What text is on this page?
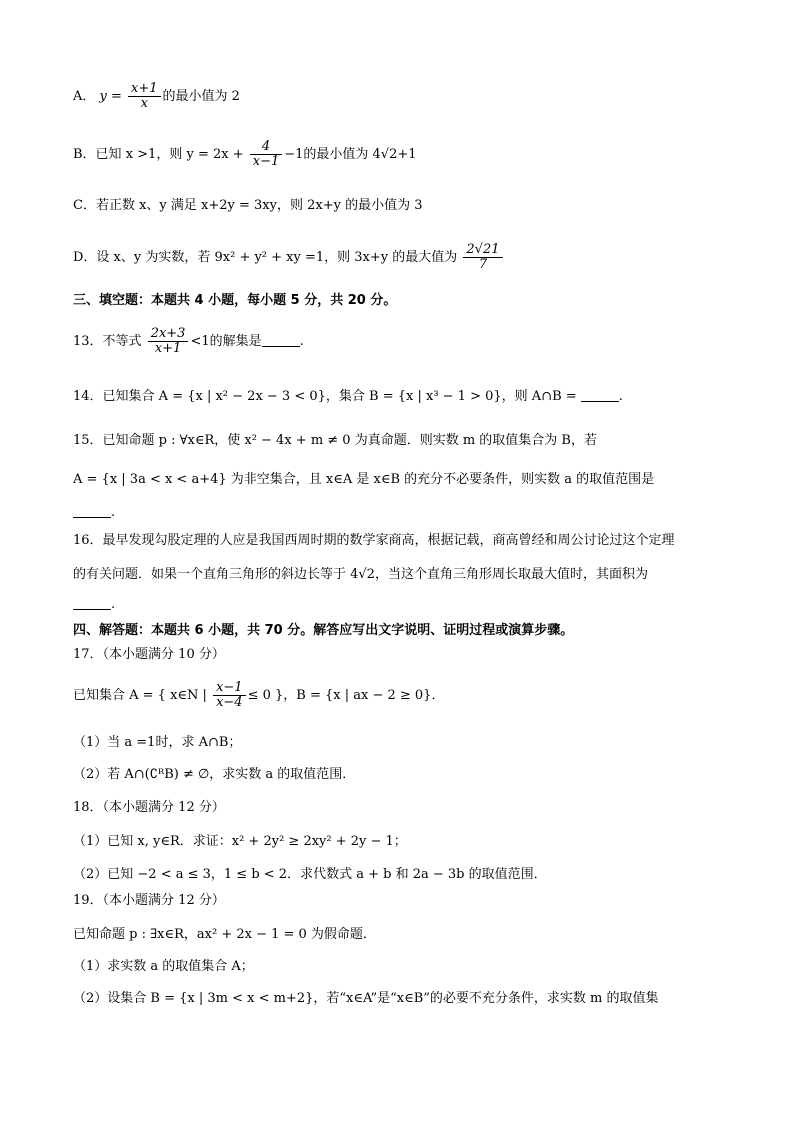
A． $y = \frac{x+1}{x}$ 的最小值为 2
B．已知 x >1，则 $y = 2x + \frac{4}{x-1} -1$的最小值为 4√2+1
C．若正数 x、y 满足 x+2y = 3xy，则 2x+y 的最小值为 3
D．设 x、y 为实数，若 9x² + y² + xy =1，则 3x+y 的最大值为 $\frac{2√21}{7}$
三、填空题：本题共 4 小题，每小题 5 分，共 20 分。
13．不等式 $\frac{2x+3}{x+1} <1$的解集是	.
14．已知集合 A = {x | x² − 2x − 3 < 0}，集合 B = {x | x³ − 1 > 0}，则 A∩B =	.
15．已知命题 p : ∀x∈R，使 x² − 4x + m ≠ 0 为真命题．则实数 m 的取值集合为 B，若
A = {x | 3a < x < a+4} 为非空集合，且 x∈A 是 x∈B 的充分不必要条件，则实数 a 的取值范围是
.
16．最早发现勾股定理的人应是我国西周时期的数学家商高，根据记载，商高曾经和周公讨论过这个定理
的有关问题．如果一个直角三角形的斜边长等于 4√2，当这个直角三角形周长取最大值时，其面积为
.
四、解答题：本题共 6 小题，共 70 分。解答应写出文字说明、证明过程或演算步骤。
17．（本小题满分 10 分）
已知集合 A = { x∈N | $\frac{x-1}{x-4} \le 0$ }，B = {x | ax − 2 ≥ 0}．
（1）当 a =1时，求 A∩B；
（2）若 A∩(∁ᴿB) ≠ ∅，求实数 a 的取值范围．
18．（本小题满分 12 分）
（1）已知 x, y∈R．求证：x² + 2y² ≥ 2xy² + 2y − 1；
（2）已知 −2 < a ≤ 3，1 ≤ b < 2．求代数式 a + b 和 2a − 3b 的取值范围．
19．（本小题满分 12 分）
已知命题 p : ∃x∈R，ax² + 2x − 1 = 0 为假命题．
（1）求实数 a 的取值集合 A；
（2）设集合 B = {x | 3m < x < m+2}，若“x∈A”是“x∈B”的必要不充分条件，求实数 m 的取值集
